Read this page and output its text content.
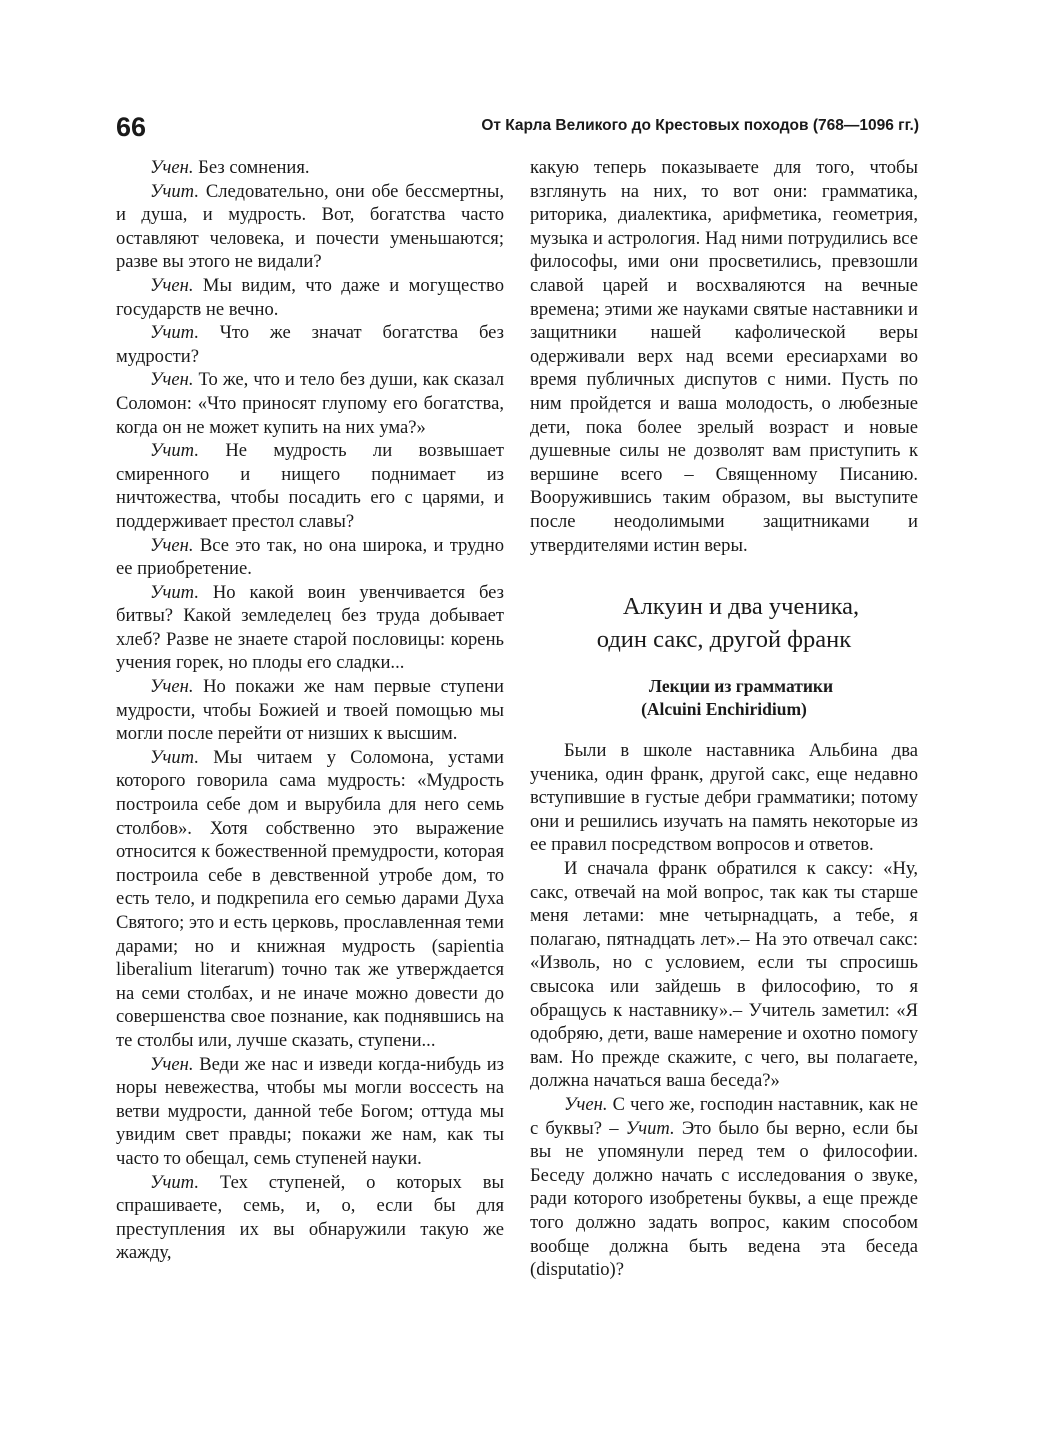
66	От Карла Великого до Крестовых походов (768—1096 гг.)

Учен. Без сомнения.

Учит. Следовательно, они обе бессмертны, и душа, и мудрость. Вот, богатства часто оставляют человека, и почести уменьшаются; разве вы этого не видали?

Учен. Мы видим, что даже и могущество государств не вечно.

Учит. Что же значат богатства без мудрости?

Учен. То же, что и тело без души, как сказал Соломон: «Что приносят глупому его богатства, когда он не может купить на них ума?»

Учит. Не мудрость ли возвышает смиренного и нищего поднимает из ничтожества, чтобы посадить его с царями, и поддерживает престол славы?

Учен. Все это так, но она широка, и трудно ее приобретение.

Учит. Но какой воин увенчивается без битвы? Какой земледелец без труда добывает хлеб? Разве не знаете старой пословицы: корень учения горек, но плоды его сладки...

Учен. Но покажи же нам первые ступени мудрости, чтобы Божией и твоей помощью мы могли после перейти от низших к высшим.

Учит. Мы читаем у Соломона, устами которого говорила сама мудрость: «Мудрость построила себе дом и вырубила для него семь столбов». Хотя собственно это выражение относится к божественной премудрости, которая построила себе в девственной утробе дом, то есть тело, и подкрепила его семью дарами Духа Святого; это и есть церковь, прославленная теми дарами; но и книжная мудрость (sapientia liberalium literarum) точно так же утверждается на семи столбах, и не иначе можно довести до совершенства свое познание, как поднявшись на те столбы или, лучше сказать, ступени...

Учен. Веди же нас и изведи когда-нибудь из норы невежества, чтобы мы могли воссесть на ветви мудрости, данной тебе Богом; оттуда мы увидим свет правды; покажи же нам, как ты часто то обещал, семь ступеней науки.

Учит. Тех ступеней, о которых вы спрашиваете, семь, и, о, если бы для преступления их вы обнаружили такую же жажду,

какую теперь показываете для того, чтобы взглянуть на них, то вот они: грамматика, риторика, диалектика, арифметика, геометрия, музыка и астрология. Над ними потрудились все философы, ими они просветились, превзошли славой царей и восхваляются на вечные времена; этими же науками святые наставники и защитники нашей кафолической веры одерживали верх над всеми ересиархами во время публичных диспутов с ними. Пусть по ним пройдется и ваша молодость, о любезные дети, пока более зрелый возраст и новые душевные силы не дозволят вам приступить к вершине всего – Священному Писанию. Вооружившись таким образом, вы выступите после неодолимыми защитниками и утвердителями истин веры.

Алкуин и два ученика,
один сакс, другой франк

Лекции из грамматики
(Alcuini Enchiridium)

Были в школе наставника Альбина два ученика, один франк, другой сакс, еще недавно вступившие в густые дебри грамматики; потому они и решились изучать на память некоторые из ее правил посредством вопросов и ответов.

И сначала франк обратился к саксу: «Ну, сакс, отвечай на мой вопрос, так как ты старше меня летами: мне четырнадцать, а тебе, я полагаю, пятнадцать лет».– На это отвечал сакс: «Изволь, но с условием, если ты спросишь свысока или зайдешь в философию, то я обращусь к наставнику».– Учитель заметил: «Я одобряю, дети, ваше намерение и охотно помогу вам. Но прежде скажите, с чего, вы полагаете, должна начаться ваша беседа?»

Учен. С чего же, господин наставник, как не с буквы? – Учит. Это было бы верно, если бы вы не упомянули перед тем о философии. Беседу должно начать с исследования о звуке, ради которого изобретены буквы, а еще прежде того должно задать вопрос, каким способом вообще должна быть ведена эта беседа (disputatio)?
